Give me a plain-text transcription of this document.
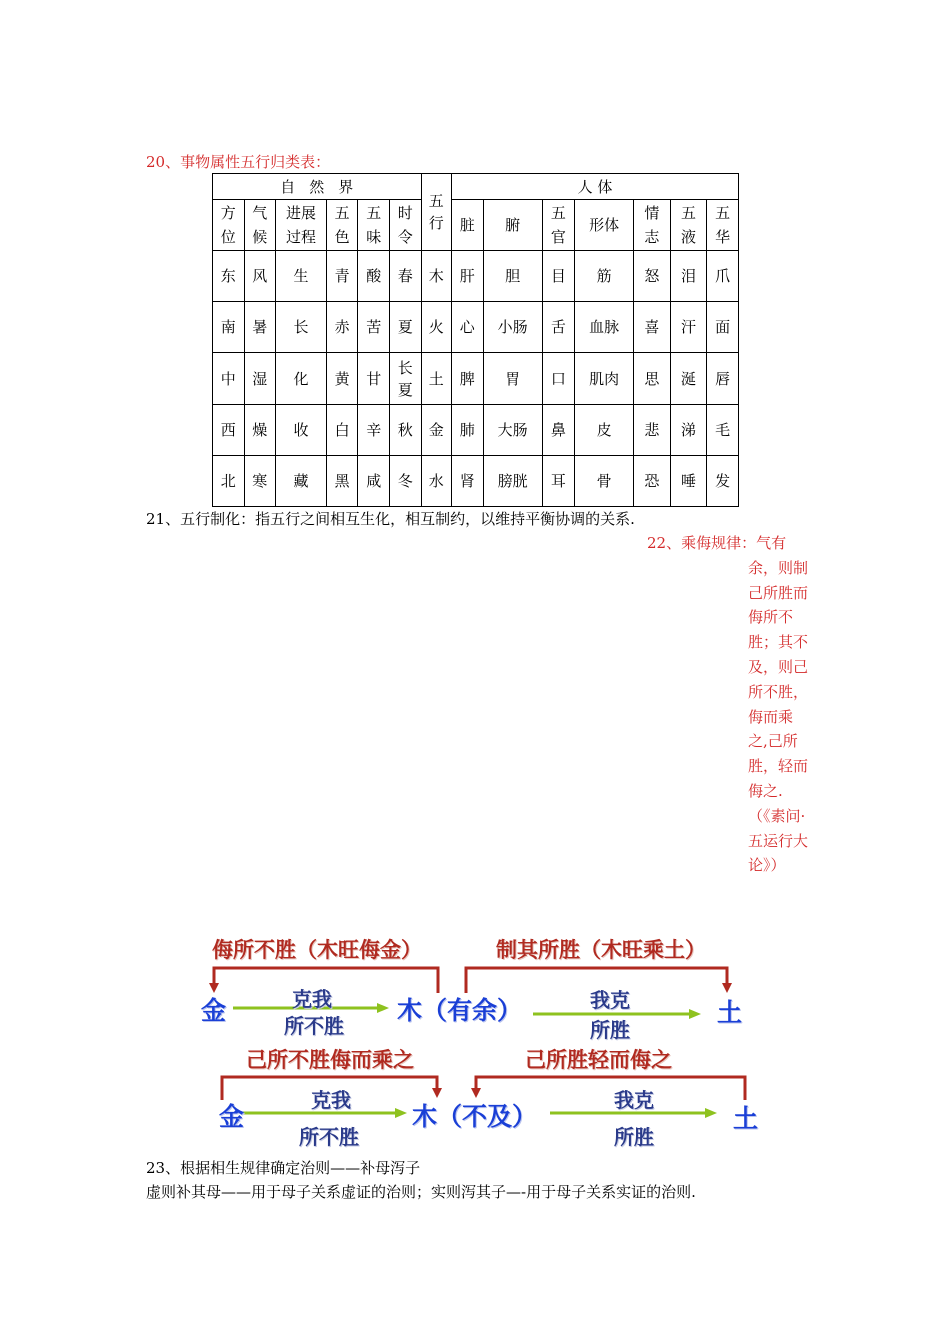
20、事物属性五行归类表：
自然界						五行	人 体						

方位	气候	进展过程	五色	五味	时令		脏	腑	五官	形体	情志	五液	五华

东	风	生	青	酸	春	木	肝	胆	目	筋	怒	泪	爪

南	暑	长	赤	苦	夏	火	心	小肠	舌	血脉	喜	汗	面

中	湿	化	黄	甘	长夏	土	脾	胃	口	肌肉	思	涎	唇

西	燥	收	白	辛	秋	金	肺	大肠	鼻	皮	悲	涕	毛

北	寒	藏	黑	咸	冬	水	肾	膀胱	耳	骨	恐	唾	发
21、五行制化：指五行之间相互生化，相互制约，以维持平衡协调的关系.
22、乘侮规律：气有
余，则制己所胜而侮所不胜；其不及，则己所不胜，侮而乘之,己所胜，轻而侮之.（《素问·五运行大论》）
侮所不胜（木旺侮金）	制其所胜（木旺乘土）
金	木（有余）	土
克我
所不胜
我克
所胜
己所不胜侮而乘之	己所胜轻而侮之
金	木（不及）	土
克我
所不胜
我克
所胜
23、根据相生规律确定治则——补母泻子
虚则补其母——用于母子关系虚证的治则；实则泻其子—-用于母子关系实证的治则.
